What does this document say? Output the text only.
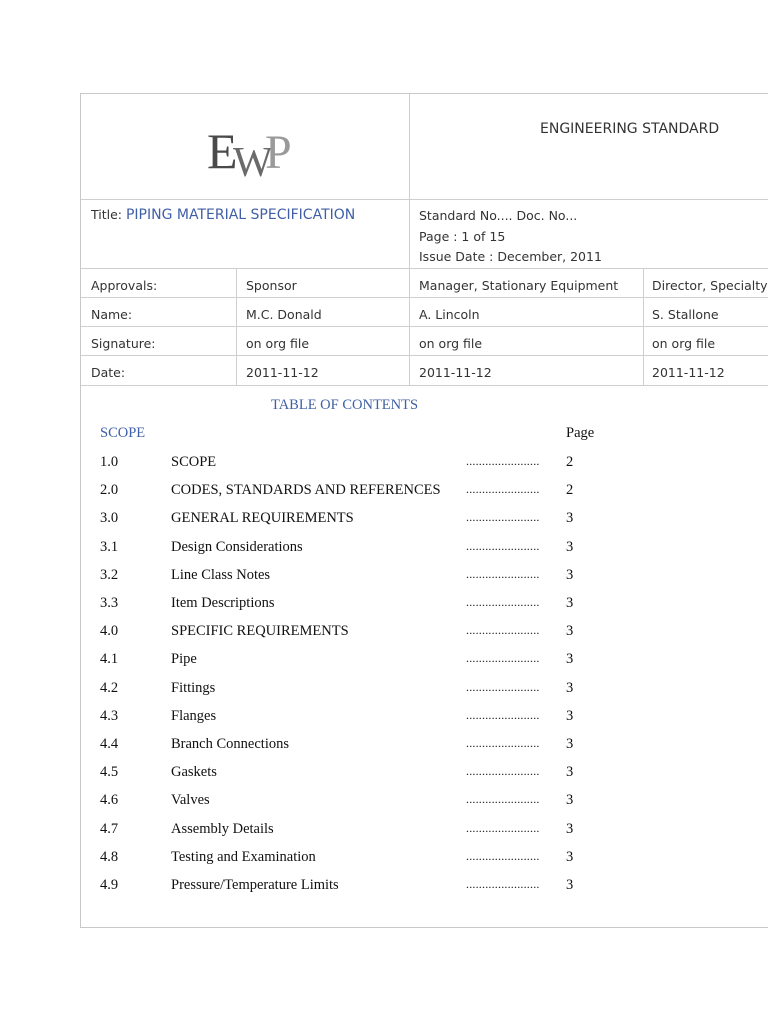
E
W
P	ENGINEERING STANDARD
Title: PIPING MATERIAL SPECIFICATION	Standard No.... Doc. No...
Page : 1 of 15
Issue Date : December, 2011
Approvals:	Sponsor	Manager, Stationary Equipment	Director, Specialty
Name:	M.C. Donald	A. Lincoln	S. Stallone
Signature:	on org file	on org file	on org file
Date:	2011-11-12	2011-11-12	2011-11-12
TABLE OF CONTENTS
SCOPE	Page
1.0	SCOPE	....................... 2
2.0	CODES, STANDARDS AND REFERENCES ....................... 2
3.0	GENERAL REQUIREMENTS	....................... 3
3.1	Design Considerations	....................... 3
3.2	Line Class Notes	....................... 3
3.3	Item Descriptions	....................... 3
4.0	SPECIFIC REQUIREMENTS	....................... 3
4.1	Pipe	....................... 3
4.2	Fittings	....................... 3
4.3	Flanges	....................... 3
4.4	Branch Connections	....................... 3
4.5	Gaskets	....................... 3
4.6	Valves	....................... 3
4.7	Assembly Details	....................... 3
4.8	Testing and Examination	....................... 3
4.9	Pressure/Temperature Limits	....................... 3
